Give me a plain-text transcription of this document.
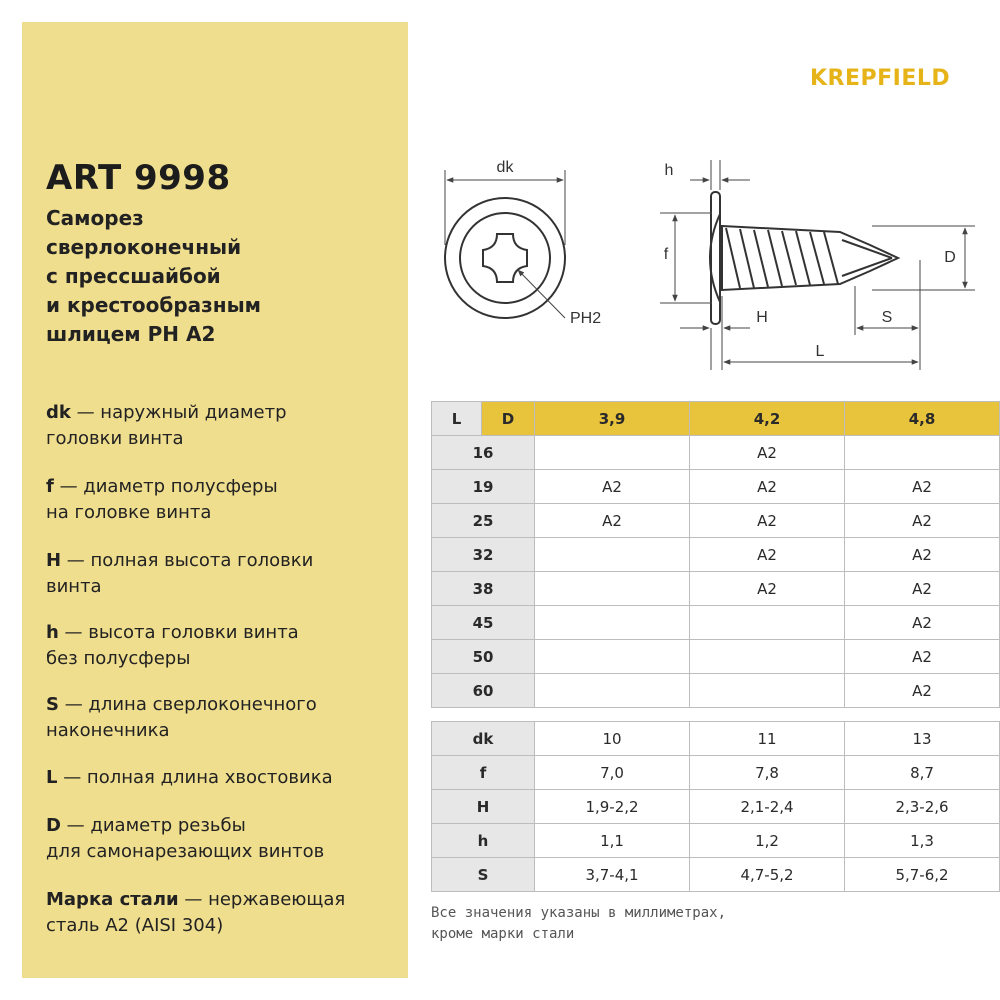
ART 9998
Саморез
сверлоконечный
с прессшайбой
и крестообразным
шлицем PH A2
dk — наружный диаметр
головки винта
f — диаметр полусферы
на головке винта
H — полная высота головки
винта
h — высота головки винта
без полусферы
S — длина сверлоконечного
наконечника
L — полная длина хвостовика
D — диаметр резьбы
для самонарезающих винтов
Марка стали — нержавеющая
сталь A2 (AISI 304)
KREPFIELD
dk
PH2
h
f	D
H	S
L
L	D	3,9	4,2	4,8
16			A2	
19		A2	A2	A2
25		A2	A2	A2
32			A2	A2
38			A2	A2
45				A2
50				A2
60				A2
dk	10	11	13
f	7,0	7,8	8,7
H	1,9-2,2	2,1-2,4	2,3-2,6
h	1,1	1,2	1,3
S	3,7-4,1	4,7-5,2	5,7-6,2
Все значения указаны в миллиметрах,
кроме марки стали
